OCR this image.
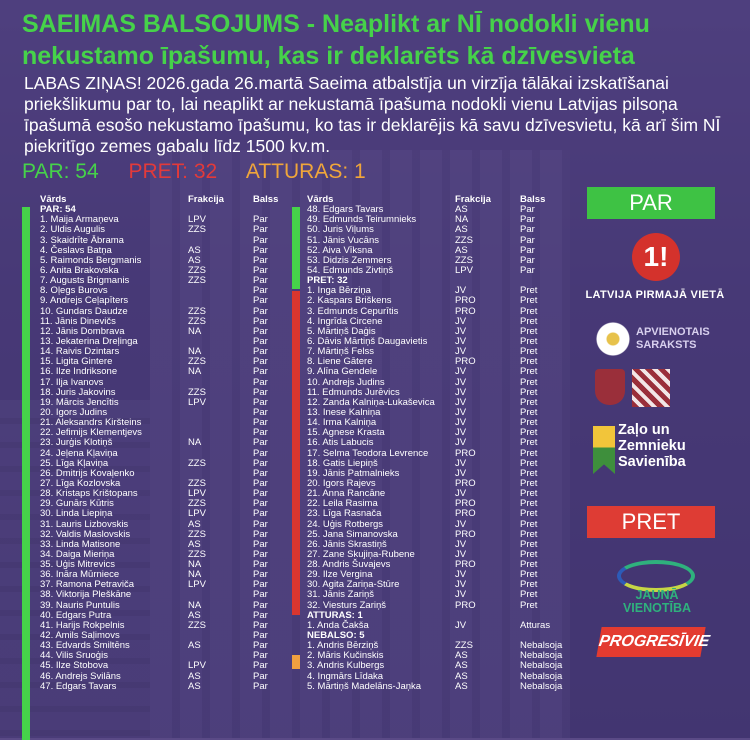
SAEIMAS BALSOJUMS - Neaplikt ar NĪ nodokli vienu nekustamo īpašumu, kas ir deklarēts kā dzīvesvieta
LABAS ZIŅAS! 2026.gada 26.martā Saeima atbalstīja un virzīja tālākai izskatīšanai priekšlikumu par to, lai neaplikt ar nekustamā īpašuma nodokli vienu Latvijas pilsoņa īpašumā esošo nekustamo īpašumu, ko tas ir deklarējis kā savu dzīvesvietu, kā arī šim NĪ piekritīgo zemes gabalu līdz 1500 kv.m.
PAR: 54 PRET: 32 ATTURAS: 1
Vārds	Frakcija	Balss
PAR: 54
1. Maija Armaņeva	LPV	Par
2. Uldis Augulis	ZZS	Par
3. Skaidrīte Ābrama	Par
4. Česlavs Batņa	AS	Par
5. Raimonds Bergmanis	AS	Par
6. Anita Brakovska	ZZS	Par
7. Augusts Brigmanis	ZZS	Par
8. Oļegs Burovs	Par
9. Andrejs Ceļapīters	Par
10. Gundars Daudze	ZZS	Par
11. Jānis Dinevičs	ZZS	Par
12. Jānis Dombrava	NA	Par
13. Jekaterina Dreļinga	Par
14. Raivis Dzintars	NA	Par
15. Ligita Gintere	ZZS	Par
16. Ilze Indriksone	NA	Par
17. Ilja Ivanovs	Par
18. Juris Jakovins	ZZS	Par
19. Mārcis Jencītis	LPV	Par
20. Igors Judins	Par
21. Aleksandrs Kiršteins	Par
22. Jefimijs Klementjevs	Par
23. Jurģis Klotiņš	NA	Par
24. Jeļena Kļaviņa	Par
25. Līga Kļaviņa	ZZS	Par
26. Dmitrijs Kovaļenko	Par
27. Līga Kozlovska	ZZS	Par
28. Kristaps Krištopans	LPV	Par
29. Gunārs Kūtris	ZZS	Par
30. Linda Liepiņa	LPV	Par
31. Lauris Lizbovskis	AS	Par
32. Valdis Maslovskis	ZZS	Par
33. Linda Matisone	AS	Par
34. Daiga Mieriņa	ZZS	Par
35. Uģis Mitrevics	NA	Par
36. Ināra Mūrniece	NA	Par
37. Ramona Petraviča	LPV	Par
38. Viktorija Pleškāne	Par
39. Nauris Puntulis	NA	Par
40. Edgars Putra	AS	Par
41. Harijs Rokpelnis	ZZS	Par
42. Amils Saļimovs	Par
43. Edvards Smiltēns	AS	Par
44. Vilis Sruoģis	Par
45. Ilze Stobova	LPV	Par
46. Andrejs Svilāns	AS	Par
47. Edgars Tavars	AS	Par
Vārds	Frakcija	Balss
48. Edgars Tavars	AS	Par
49. Edmunds Teirumnieks	NA	Par
50. Juris Viļums	AS	Par
51. Jānis Vucāns	ZZS	Par
52. Aiva Vīksna	AS	Par
53. Didzis Zemmers	ZZS	Par
54. Edmunds Zivtiņš	LPV	Par
PRET: 32
1. Inga Bērziņa	JV	Pret
2. Kaspars Briškens	PRO	Pret
3. Edmunds Cepurītis	PRO	Pret
4. Ingrīda Circene	JV	Pret
5. Mārtiņš Daģis	JV	Pret
6. Dāvis Mārtiņš Daugavietis	JV	Pret
7. Mārtiņš Felss	JV	Pret
8. Liene Gātere	PRO	Pret
9. Alīna Gendele	JV	Pret
10. Andrejs Judins	JV	Pret
11. Edmunds Jurēvics	JV	Pret
12. Zanda Kalniņa-Lukaševica JV	Pret
13. Inese Kalniņa	JV	Pret
14. Irma Kalniņa	JV	Pret
15. Agnese Krasta	JV	Pret
16. Atis Labucis	JV	Pret
17. Selma Teodora Levrence	PRO	Pret
18. Gatis Liepiņš	JV	Pret
19. Jānis Patmalnieks	JV	Pret
20. Igors Rajevs	PRO	Pret
21. Anna Rancāne	JV	Pret
22. Leila Rasima	PRO	Pret
23. Līga Rasnača	PRO	Pret
24. Uģis Rotbergs	JV	Pret
25. Jana Simanovska	PRO	Pret
26. Jānis Skrastiņš	JV	Pret
27. Zane Skujiņa-Rubene	JV	Pret
28. Andris Šuvajevs	PRO	Pret
29. Ilze Vergina	JV	Pret
30. Agita Zariņa-Stūre	JV	Pret
31. Jānis Zariņš	JV	Pret
32. Viesturs Zariņš	PRO	Pret
ATTURAS: 1
1. Anda Čakša	JV	Atturas
NEBALSO: 5
1. Andris Bērziņš	ZZS	Nebalsoja
2. Māris Kučinskis	AS	Nebalsoja
3. Andris Kulbergs	AS	Nebalsoja
4. Ingmārs Līdaka	AS	Nebalsoja
5. Mārtiņš Madelāns-Jaņka	AS	Nebalsoja
PAR
1!
LATVIJA PIRMAJĀ VIETĀ
APVIENOTAIS SARAKSTS
Zaļo un Zemnieku Savienība
PRET
JAUNĀ VIENOTĪBA
PROGRESĪVIE
